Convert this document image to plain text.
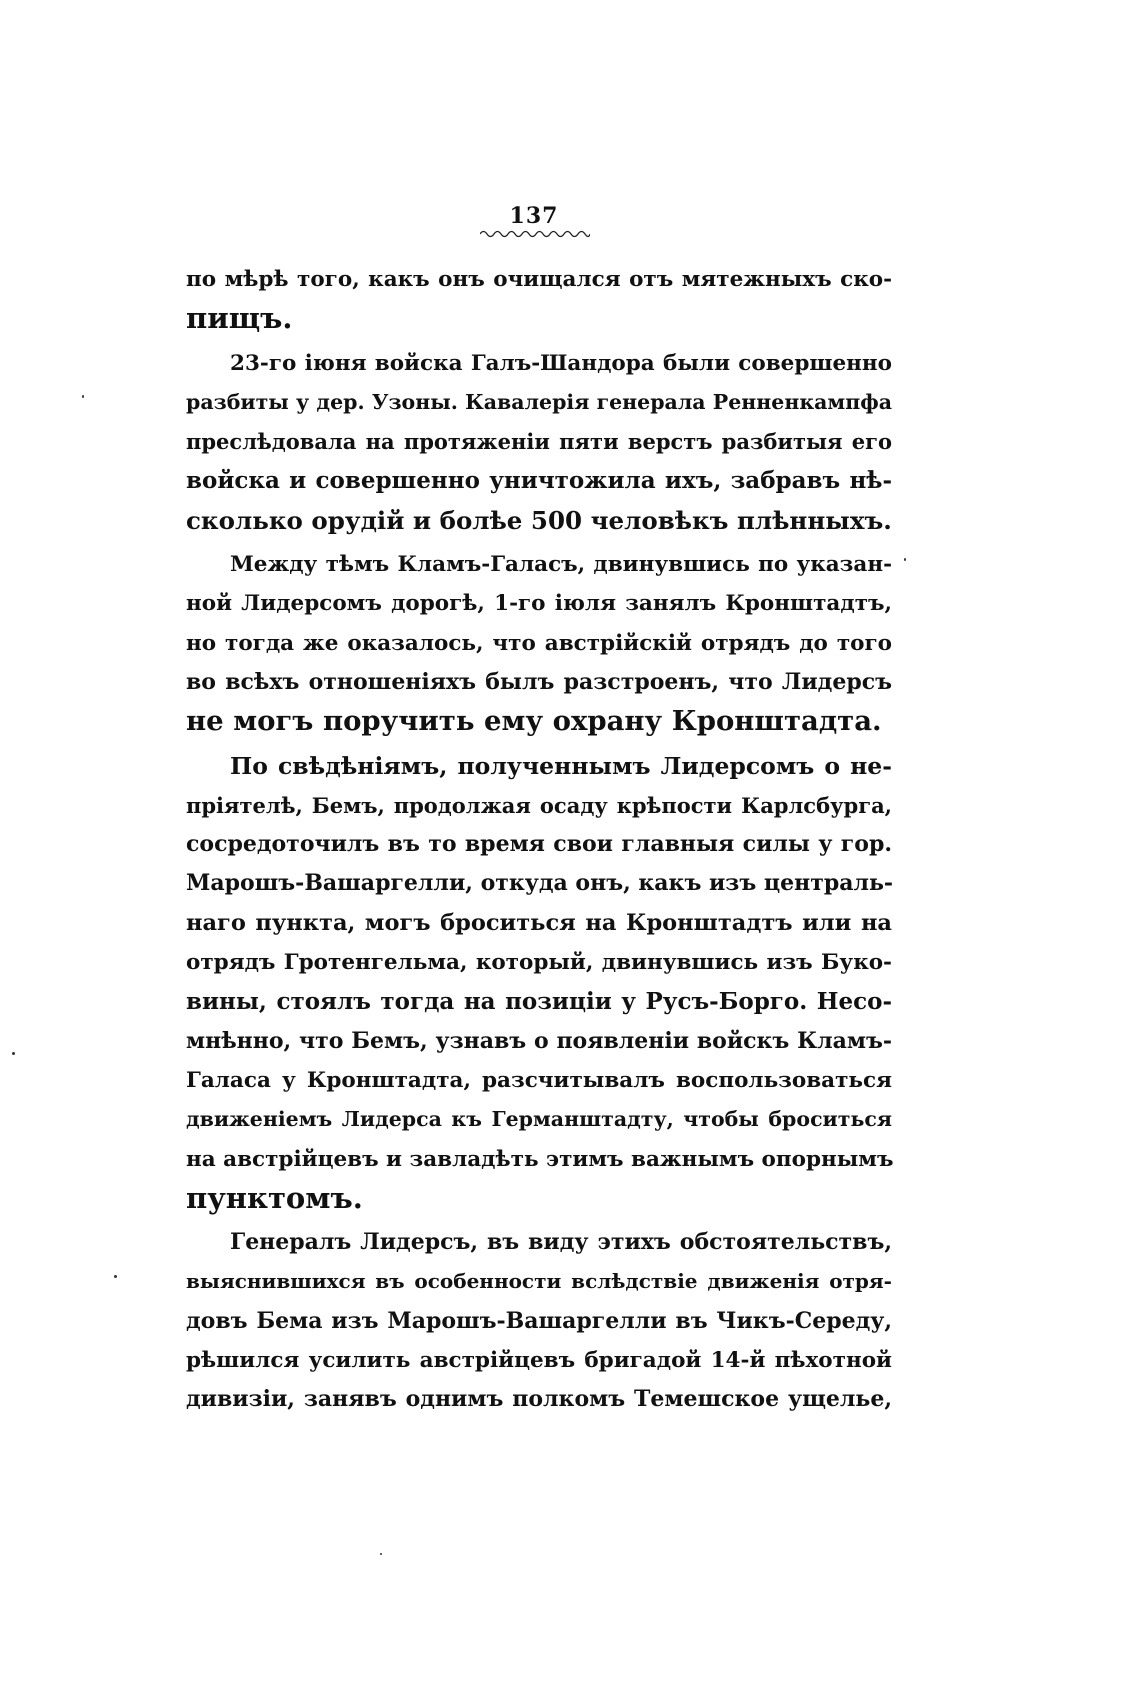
137
по мѣрѣ того, какъ онъ очищался отъ мятежныхъ ско-
пищъ.
23-го іюня войска Галъ-Шандора были совершенно
разбиты у дер. Узоны. Кавалерія генерала Ренненкампфа
преслѣдовала на протяженіи пяти верстъ разбитыя его
войска и совершенно уничтожила ихъ, забравъ нѣ-
сколько орудій и болѣе 500 человѣкъ плѣнныхъ.
Между тѣмъ Кламъ-Галасъ, двинувшись по указан-
ной Лидерсомъ дорогѣ, 1-го іюля занялъ Кронштадтъ,
но тогда же оказалось, что австрійскій отрядъ до того
во всѣхъ отношеніяхъ былъ разстроенъ, что Лидерсъ
не могъ поручить ему охрану Кронштадта.
По свѣдѣніямъ, полученнымъ Лидерсомъ о не-
пріятелѣ, Бемъ, продолжая осаду крѣпости Карлсбурга,
сосредоточилъ въ то время свои главныя силы у гор.
Марошъ-Вашаргелли, откуда онъ, какъ изъ централь-
наго пункта, могъ броситься на Кронштадтъ или на
отрядъ Гротенгельма, который, двинувшись изъ Буко-
вины, стоялъ тогда на позиціи у Русъ-Борго. Несо-
мнѣнно, что Бемъ, узнавъ о появленіи войскъ Кламъ-
Галаса у Кронштадта, разсчитывалъ воспользоваться
движеніемъ Лидерса къ Германштадту, чтобы броситься
на австрійцевъ и завладѣть этимъ важнымъ опорнымъ
пунктомъ.
Генералъ Лидерсъ, въ виду этихъ обстоятельствъ,
выяснившихся въ особенности вслѣдствіе движенія отря-
довъ Бема изъ Марошъ-Вашаргелли въ Чикъ-Середу,
рѣшился усилить австрійцевъ бригадой 14-й пѣхотной
дивизіи, занявъ однимъ полкомъ Темешское ущелье,
